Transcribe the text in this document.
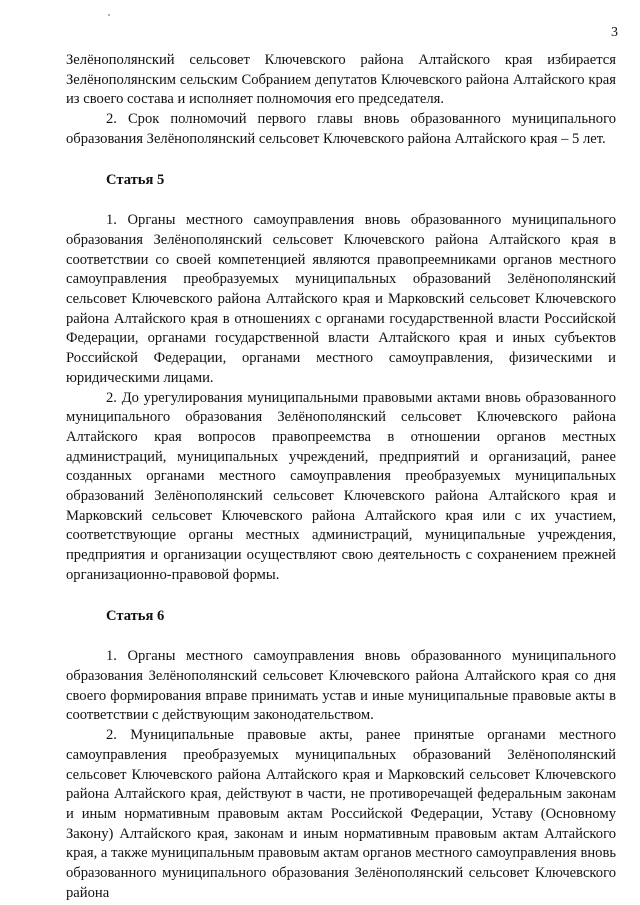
3

Зелёнополянский сельсовет Ключевского района Алтайского края избирается Зелёнополянским сельским Собранием депутатов Ключевского района Алтайского края из своего состава и исполняет полномочия его председателя.

2. Срок полномочий первого главы вновь образованного муниципального образования Зелёнополянский сельсовет Ключевского района Алтайского края – 5 лет.

Статья 5

1. Органы местного самоуправления вновь образованного муниципального образования Зелёнополянский сельсовет Ключевского района Алтайского края в соответствии со своей компетенцией являются правопреемниками органов местного самоуправления преобразуемых муниципальных образований Зелёнополянский сельсовет Ключевского района Алтайского края и Марковский сельсовет Ключевского района Алтайского края в отношениях с органами государственной власти Российской Федерации, органами государственной власти Алтайского края и иных субъектов Российской Федерации, органами местного самоуправления, физическими и юридическими лицами.

2. До урегулирования муниципальными правовыми актами вновь образованного муниципального образования Зелёнополянский сельсовет Ключевского района Алтайского края вопросов правопреемства в отношении органов местных администраций, муниципальных учреждений, предприятий и организаций, ранее созданных органами местного самоуправления преобразуемых муниципальных образований Зелёнополянский сельсовет Ключевского района Алтайского края и Марковский сельсовет Ключевского района Алтайского края или с их участием, соответствующие органы местных администраций, муниципальные учреждения, предприятия и организации осуществляют свою деятельность с сохранением прежней организационно-правовой формы.

Статья 6

1. Органы местного самоуправления вновь образованного муниципального образования Зелёнополянский сельсовет Ключевского района Алтайского края со дня своего формирования вправе принимать устав и иные муниципальные правовые акты в соответствии с действующим законодательством.

2. Муниципальные правовые акты, ранее принятые органами местного самоуправления преобразуемых муниципальных образований Зелёнополянский сельсовет Ключевского района Алтайского края и Марковский сельсовет Ключевского района Алтайского края, действуют в части, не противоречащей федеральным законам и иным нормативным правовым актам Российской Федерации, Уставу (Основному Закону) Алтайского края, законам и иным нормативным правовым актам Алтайского края, а также муниципальным правовым актам органов местного самоуправления вновь образованного муниципального образования Зелёнополянский сельсовет Ключевского района
